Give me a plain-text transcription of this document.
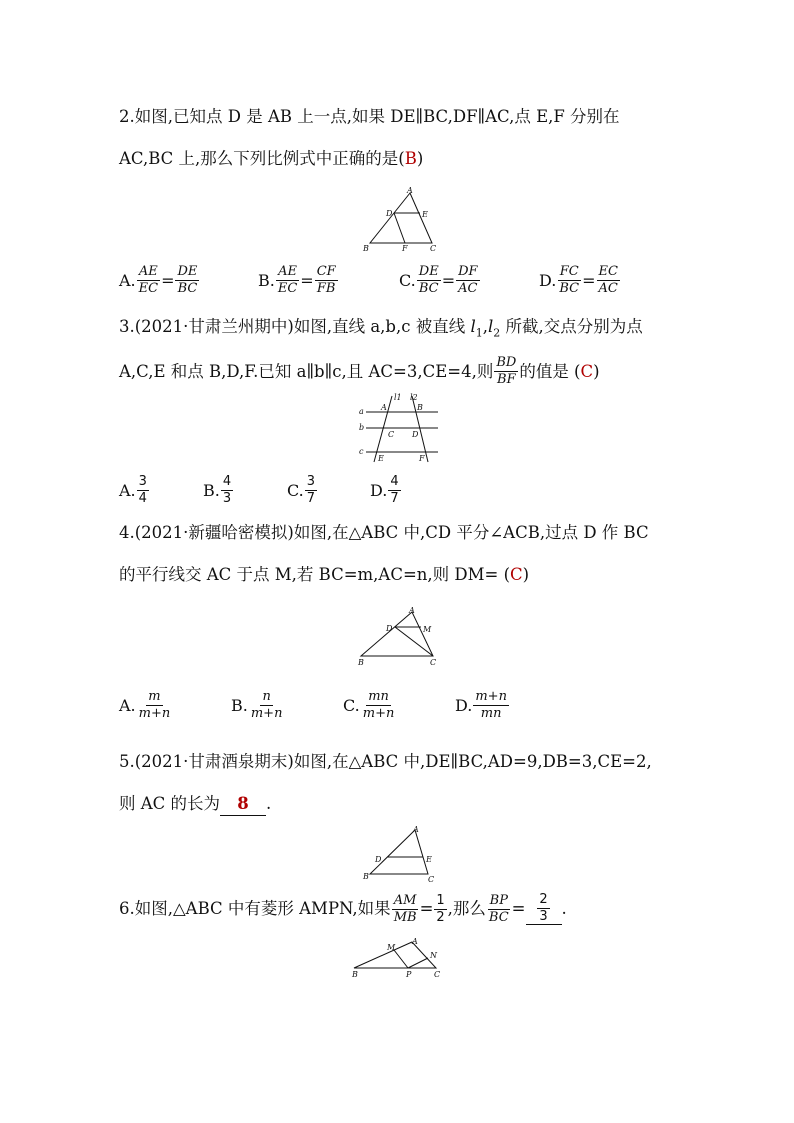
2.如图,已知点 D 是 AB 上一点,如果 DE∥BC,DF∥AC,点 E,F 分别在
AC,BC 上,那么下列比例式中正确的是(B)
A
D	E
B	F	C
A. $\frac{AE}{EC} = \frac{DE}{BC}$	B. $\frac{AE}{EC} = \frac{CF}{FB}$	C. $\frac{DE}{BC} = \frac{DF}{AC}$	D. $\frac{FC}{BC} = \frac{EC}{AC}$
3.(2021·甘肃兰州期中)如图,直线 a,b,c 被直线 $l_1,l_2$ 所截,交点分别为点
A,C,E 和点 B,D,F.已知 a∥b∥c,且 AC=3,CE=4,则 $\frac{BD}{BF}$ 的值是 ( C )
a
b
c
l1 l2
A	B
C D
E	F
A. $\frac{3}{4}$	B. $\frac{4}{3}$	C. $\frac{3}{7}$	D. $\frac{4}{7}$
4.(2021·新疆哈密模拟)如图,在△ABC 中,CD 平分∠ACB,过点 D 作 BC
的平行线交 AC 于点 M,若 BC=m,AC=n,则 DM= (C)
A
D	M
B	C
A. $\frac{m}{m+n}$	B. $\frac{n}{m+n}$	C. $\frac{mn}{m+n}$	D. $\frac{m+n}{mn}$
5.(2021·甘肃酒泉期末)如图,在△ABC 中,DE∥BC,AD=9,DB=3,CE=2,
则 AC 的长为 8 .
A
D	E
B	C
6.如图,△ABC 中有菱形 AMPN,如果 $\frac{AM}{MB} = \frac{1}{2}$ ,那么 $\frac{BP}{BC} = \frac{2}{3}$ .
M
A
N
B	P	C
